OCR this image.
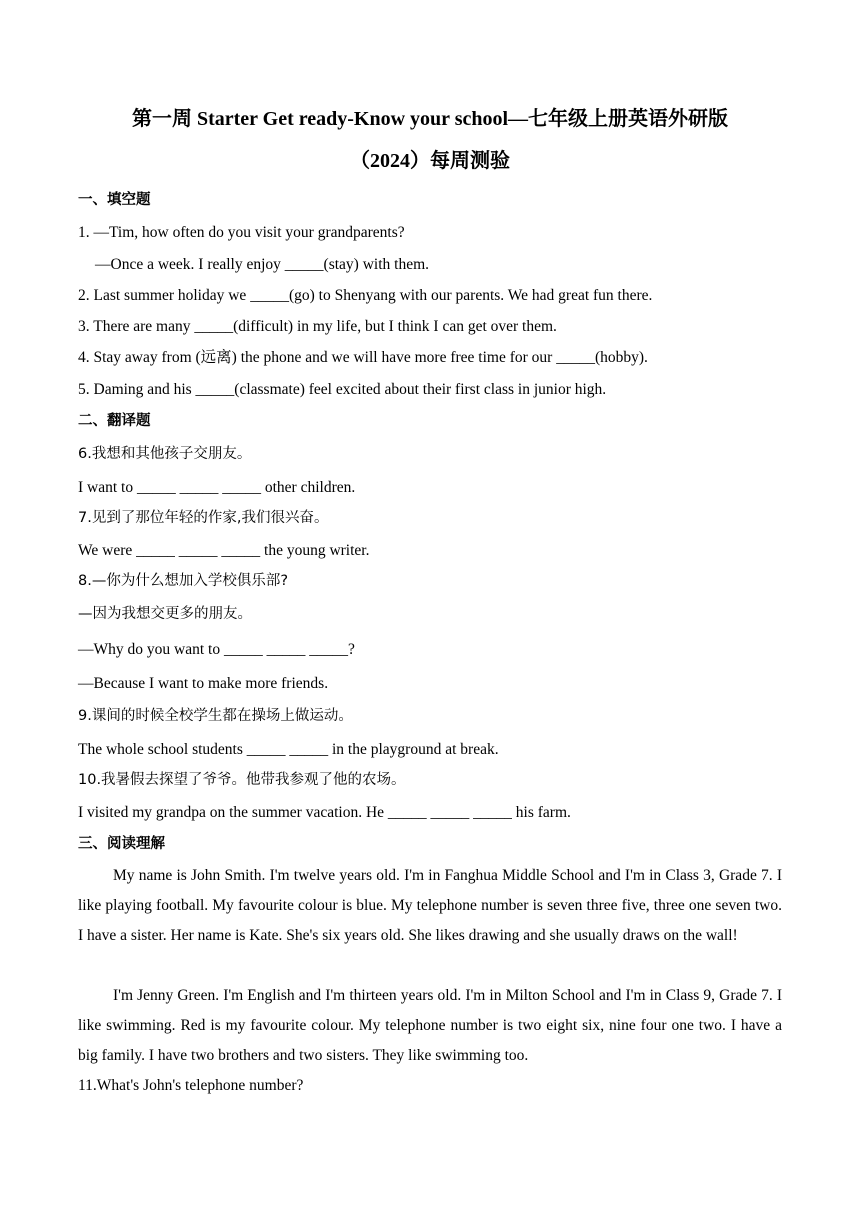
第一周 Starter Get ready-Know your school—七年级上册英语外研版
（2024）每周测验
一、填空题
1. —Tim, how often do you visit your grandparents?
—Once a week. I really enjoy _____(stay) with them.
2. Last summer holiday we _____(go) to Shenyang with our parents. We had great fun there.
3. There are many _____(difficult) in my life, but I think I can get over them.
4. Stay away from (远离) the phone and we will have more free time for our _____(hobby).
5. Daming and his _____(classmate) feel excited about their first class in junior high.
二、翻译题
6.我想和其他孩子交朋友。
I want to _____ _____ _____ other children.
7.见到了那位年轻的作家,我们很兴奋。
We were _____ _____ _____ the young writer.
8.—你为什么想加入学校俱乐部?
—因为我想交更多的朋友。
—Why do you want to _____ _____ _____?
—Because I want to make more friends.
9.课间的时候全校学生都在操场上做运动。
The whole school students _____ _____ in the playground at break.
10.我暑假去探望了爷爷。他带我参观了他的农场。
I visited my grandpa on the summer vacation. He _____ _____ _____ his farm.
三、阅读理解

My name is John Smith. I'm twelve years old. I'm in Fanghua Middle School and I'm in Class 3, Grade 7. I like playing football. My favourite colour is blue. My telephone number is seven three five, three one seven two. I have a sister. Her name is Kate. She's six years old. She likes drawing and she usually draws on the wall!

I'm Jenny Green. I'm English and I'm thirteen years old. I'm in Milton School and I'm in Class 9, Grade 7. I like swimming. Red is my favourite colour. My telephone number is two eight six, nine four one two. I have a big family. I have two brothers and two sisters. They like swimming too.

11.What's John's telephone number?
